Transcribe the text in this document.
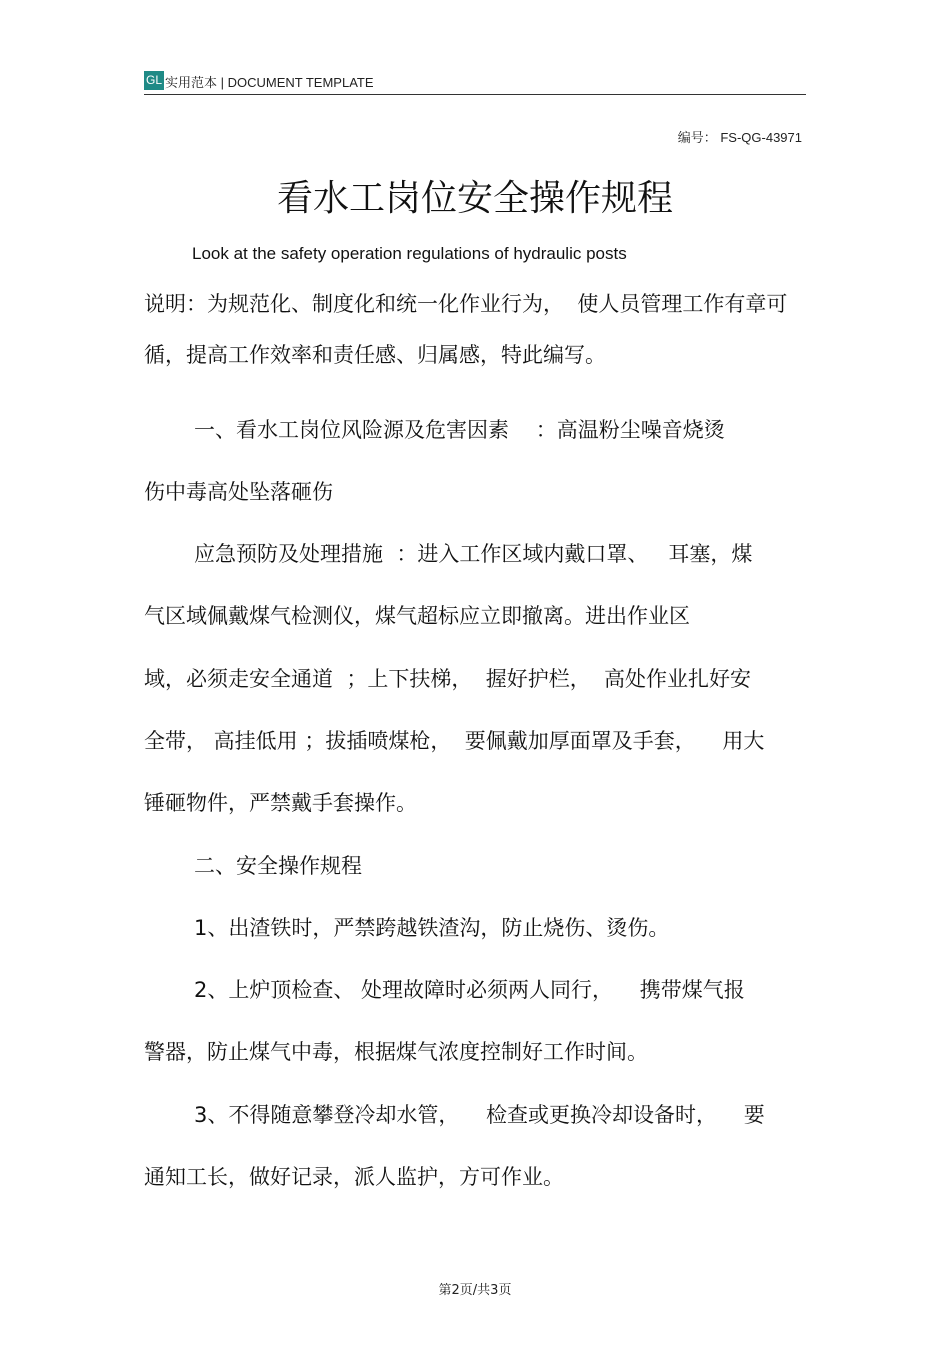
GL 实用范本 | DOCUMENT TEMPLATE
编号： FS-QG-43971
看水工岗位安全操作规程
Look at the safety operation regulations of hydraulic posts
说明：为规范化、制度化和统一化作业行为，  使人员管理工作有章可
循，提高工作效率和责任感、归属感，特此编写。
一、看水工岗位风险源及危害因素    ：高温粉尘噪音烧烫
伤中毒高处坠落砸伤
应急预防及处理措施  ：进入工作区域内戴口罩、   耳塞，煤
气区域佩戴煤气检测仪，煤气超标应立即撤离。进出作业区
域，必须走安全通道  ；上下扶梯，  握好护栏，  高处作业扎好安
全带， 高挂低用 ；拔插喷煤枪，  要佩戴加厚面罩及手套，    用大
锤砸物件，严禁戴手套操作。
二、安全操作规程
1、出渣铁时，严禁跨越铁渣沟，防止烧伤、烫伤。
2、上炉顶检查、 处理故障时必须两人同行，    携带煤气报
警器，防止煤气中毒，根据煤气浓度控制好工作时间。
3、不得随意攀登冷却水管，    检查或更换冷却设备时，    要
通知工长，做好记录，派人监护，方可作业。
第2页/共3页
